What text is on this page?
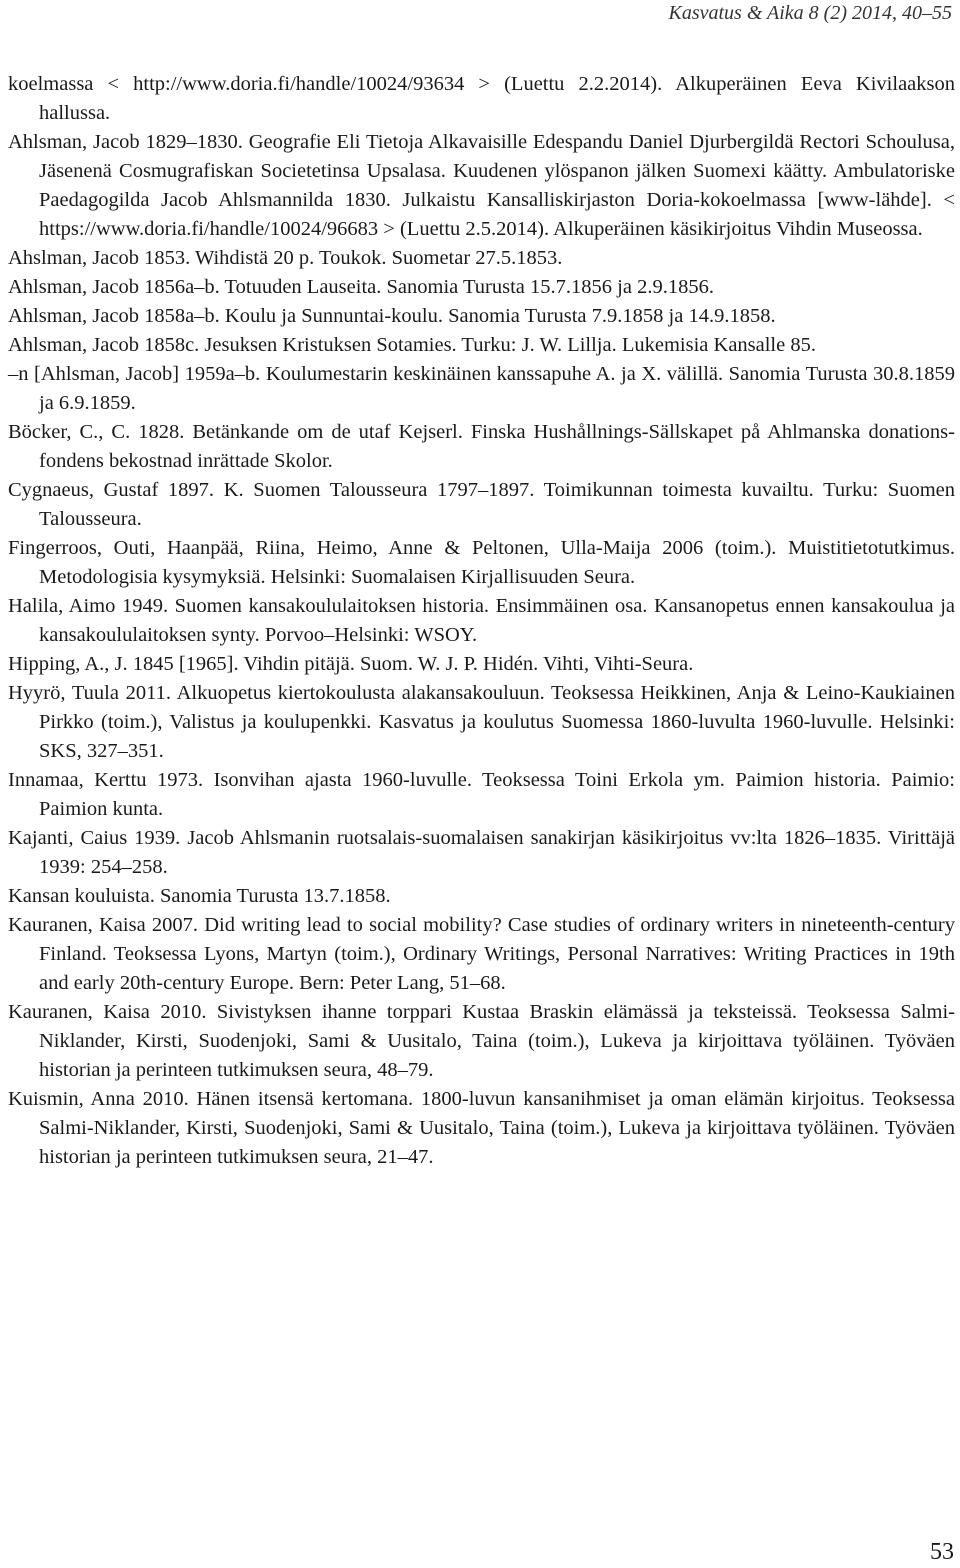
Kasvatus & Aika 8 (2) 2014, 40–55

koelmassa < http://www.doria.fi/handle/10024/93634 > (Luettu 2.2.2014). Alkuperäinen Eeva Kivilaakson hallussa.

Ahlsman, Jacob 1829–1830. Geografie Eli Tietoja Alkavaisille Edespandu Daniel Djurbergildä Rectori Schoulusa, Jäsenenä Cosmugrafiskan Societetinsa Upsalasa. Kuudenen ylöspanon jälken Suomexi käätty. Ambulatoriske Paedagogilda Jacob Ahlsmannilda 1830. Julkaistu Kansalliskirjaston Doria-kokoelmassa [www-lähde]. < https://www.doria.fi/handle/10024/96683 > (Luettu 2.5.2014). Alkuperäinen käsikirjoitus Vihdin Museossa.

Ahslman, Jacob 1853. Wihdistä 20 p. Toukok. Suometar 27.5.1853.

Ahlsman, Jacob 1856a–b. Totuuden Lauseita. Sanomia Turusta 15.7.1856 ja 2.9.1856.

Ahlsman, Jacob 1858a–b. Koulu ja Sunnuntai-koulu. Sanomia Turusta 7.9.1858 ja 14.9.1858.

Ahlsman, Jacob 1858c. Jesuksen Kristuksen Sotamies. Turku: J. W. Lillja. Lukemisia Kansalle 85.

–n [Ahlsman, Jacob] 1959a–b. Koulumestarin keskinäinen kanssapuhe A. ja X. välillä. Sanomia Turusta 30.8.1859 ja 6.9.1859.

Böcker, C., C. 1828. Betänkande om de utaf Kejserl. Finska Hushållnings-Sällskapet på Ahlmanska donations-fondens bekostnad inrättade Skolor.

Cygnaeus, Gustaf 1897. K. Suomen Talousseura 1797–1897. Toimikunnan toimesta kuvailtu. Turku: Suomen Talousseura.

Fingerroos, Outi, Haanpää, Riina, Heimo, Anne & Peltonen, Ulla-Maija 2006 (toim.). Muistitietotutkimus. Metodologisia kysymyksiä. Helsinki: Suomalaisen Kirjallisuuden Seura.

Halila, Aimo 1949. Suomen kansakoululaitoksen historia. Ensimmäinen osa. Kansanopetus ennen kansakoulua ja kansakoululaitoksen synty. Porvoo–Helsinki: WSOY.

Hipping, A., J. 1845 [1965]. Vihdin pitäjä. Suom. W. J. P. Hidén. Vihti, Vihti-Seura.

Hyyrö, Tuula 2011. Alkuopetus kiertokoulusta alakansakouluun. Teoksessa Heikkinen, Anja & Leino-Kaukiainen Pirkko (toim.), Valistus ja koulupenkki. Kasvatus ja koulutus Suomessa 1860-luvulta 1960-luvulle. Helsinki: SKS, 327–351.

Innamaa, Kerttu 1973. Isonvihan ajasta 1960-luvulle. Teoksessa Toini Erkola ym. Paimion historia. Paimio: Paimion kunta.

Kajanti, Caius 1939. Jacob Ahlsmanin ruotsalais-suomalaisen sanakirjan käsikirjoitus vv:lta 1826–1835. Virittäjä 1939: 254–258.

Kansan kouluista. Sanomia Turusta 13.7.1858.

Kauranen, Kaisa 2007. Did writing lead to social mobility? Case studies of ordinary writers in nineteenth-century Finland. Teoksessa Lyons, Martyn (toim.), Ordinary Writings, Personal Narratives: Writing Practices in 19th and early 20th-century Europe. Bern: Peter Lang, 51–68.

Kauranen, Kaisa 2010. Sivistyksen ihanne torppari Kustaa Braskin elämässä ja teksteissä. Teoksessa Salmi-Niklander, Kirsti, Suodenjoki, Sami & Uusitalo, Taina (toim.), Lukeva ja kirjoittava työläinen. Työväen historian ja perinteen tutkimuksen seura, 48–79.

Kuismin, Anna 2010. Hänen itsensä kertomana. 1800-luvun kansanihmiset ja oman elämän kirjoitus. Teoksessa Salmi-Niklander, Kirsti, Suodenjoki, Sami & Uusitalo, Taina (toim.), Lukeva ja kirjoittava työläinen. Työväen historian ja perinteen tutkimuksen seura, 21–47.

53
